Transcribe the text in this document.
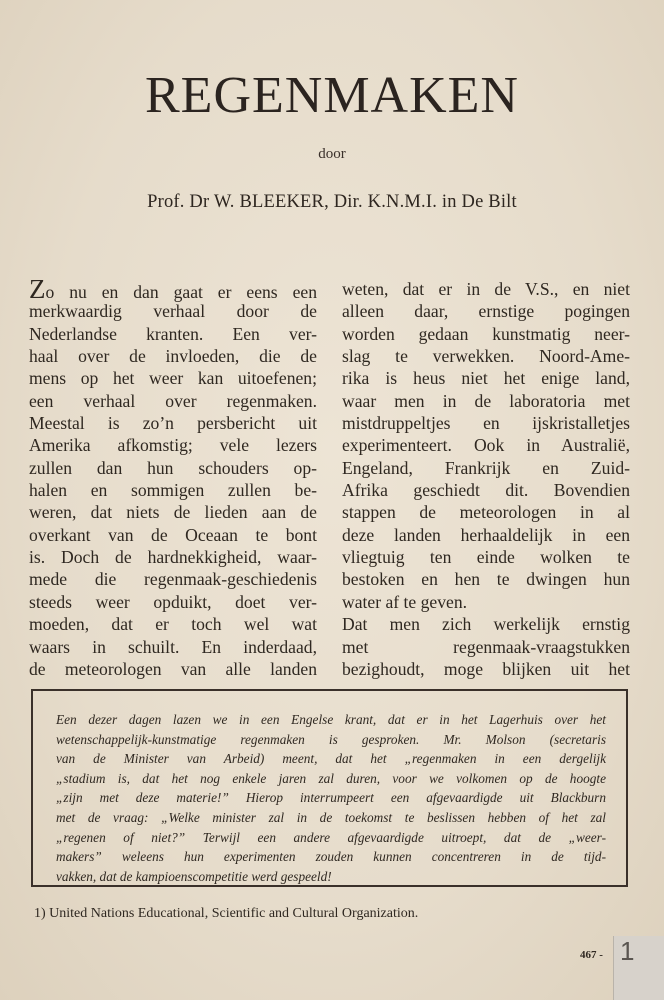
REGENMAKEN
door
Prof. Dr W. BLEEKER, Dir. K.N.M.I. in De Bilt
Zo nu en dan gaat er eens een
merkwaardig verhaal door de
Nederlandse kranten. Een ver-
haal over de invloeden, die de
mens op het weer kan uitoefenen;
een verhaal over regenmaken.
Meestal is zo’n persbericht uit
Amerika afkomstig; vele lezers
zullen dan hun schouders op-
halen en sommigen zullen be-
weren, dat niets de lieden aan de
overkant van de Oceaan te bont
is. Doch de hardnekkigheid, waar-
mede die regenmaak-geschiedenis
steeds weer opduikt, doet ver-
moeden, dat er toch wel wat
waars in schuilt. En inderdaad,
de meteorologen van alle landen
weten, dat er in de V.S., en niet
alleen daar, ernstige pogingen
worden gedaan kunstmatig neer-
slag te verwekken. Noord-Ame-
rika is heus niet het enige land,
waar men in de laboratoria met
mistdruppeltjes en ijskristalletjes
experimenteert. Ook in Australië,
Engeland, Frankrijk en Zuid-
Afrika geschiedt dit. Bovendien
stappen de meteorologen in al
deze landen herhaaldelijk in een
vliegtuig ten einde wolken te
bestoken en hen te dwingen hun
water af te geven.
Dat men zich werkelijk ernstig
met regenmaak-vraagstukken
bezighoudt, moge blijken uit het
Een dezer dagen lazen we in een Engelse krant, dat er in het Lagerhuis over het
wetenschappelijk-kunstmatige regenmaken is gesproken. Mr. Molson (secretaris
van de Minister van Arbeid) meent, dat het „regenmaken in een dergelijk
„stadium is, dat het nog enkele jaren zal duren, voor we volkomen op de hoogte
„zijn met deze materie!” Hierop interrumpeert een afgevaardigde uit Blackburn
met de vraag: „Welke minister zal in de toekomst te beslissen hebben of het zal
„regenen of niet?” Terwijl een andere afgevaardigde uitroept, dat de „weer-
makers” weleens hun experimenten zouden kunnen concentreren in de tijd-
vakken, dat de kampioenscompetitie werd gespeeld!
1) United Nations Educational, Scientific and Cultural Organization.
467 - 1
